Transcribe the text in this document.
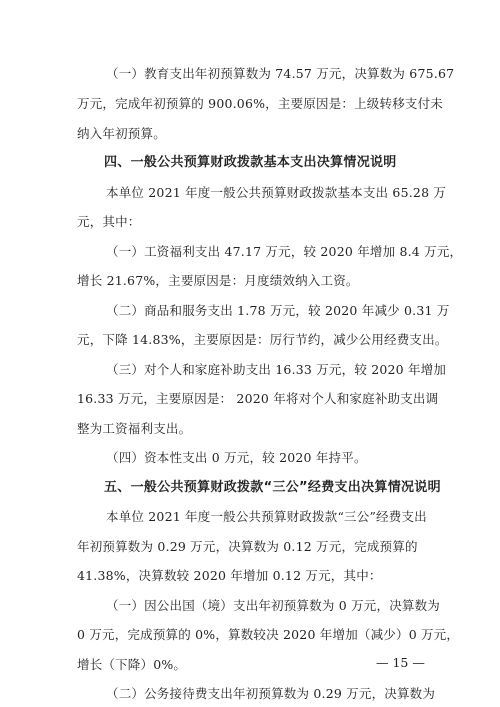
（一）教育支出年初预算数为 74.57 万元，决算数为 675.67
万元，完成年初预算的 900.06%，主要原因是：上级转移支付未
纳入年初预算。
四、一般公共预算财政拨款基本支出决算情况说明
本单位 2021 年度一般公共预算财政拨款基本支出 65.28 万
元，其中：
（一）工资福利支出 47.17 万元，较 2020 年增加 8.4 万元，
增长 21.67%，主要原因是：月度绩效纳入工资。
（二）商品和服务支出 1.78 万元，较 2020 年减少 0.31 万
元，下降 14.83%，主要原因是：厉行节约，减少公用经费支出。
（三）对个人和家庭补助支出 16.33 万元，较 2020 年增加
16.33 万元，主要原因是： 2020 年将对个人和家庭补助支出调
整为工资福利支出。
（四）资本性支出 0 万元，较 2020 年持平。
五、一般公共预算财政拨款“三公”经费支出决算情况说明
本单位 2021 年度一般公共预算财政拨款“三公”经费支出
年初预算数为 0.29 万元，决算数为 0.12 万元，完成预算的
41.38%，决算数较 2020 年增加 0.12 万元，其中：
（一）因公出国（境）支出年初预算数为 0 万元，决算数为
0 万元，完成预算的 0%，算数较决 2020 年增加（减少）0 万元，
增长（下降）0%。
（二）公务接待费支出年初预算数为 0.29 万元，决算数为
— 15 —
